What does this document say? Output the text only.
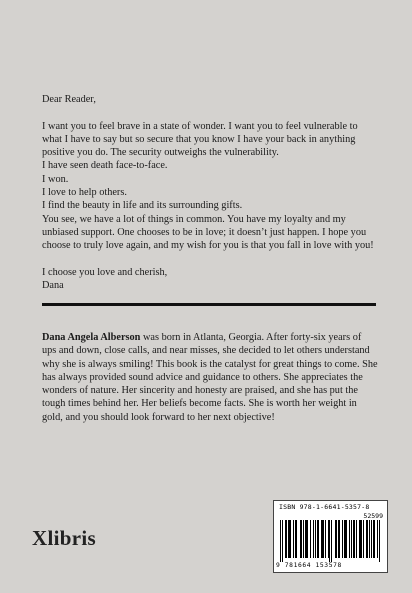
Dear Reader,

I want you to feel brave in a state of wonder. I want you to feel vulnerable to what I have to say but so secure that you know I have your back in anything positive you do. The security outweighs the vulnerability.

I have seen death face-to-face.

I won.

I love to help others.

I find the beauty in life and its surrounding gifts.

You see, we have a lot of things in common. You have my loyalty and my unbiased support. One chooses to be in love; it doesn’t just happen. I hope you choose to truly love again, and my wish for you is that you fall in love with you!

I choose you love and cherish,

Dana

Dana Angela Alberson was born in Atlanta, Georgia. After forty-six years of ups and down, close calls, and near misses, she decided to let others understand why she is always smiling! This book is the catalyst for great things to come. She has always provided sound advice and guidance to others. She appreciates the wonders of nature. Her sincerity and honesty are praised, and she has put the tough times behind her. Her beliefs become facts. She is worth her weight in gold, and you should look forward to her next objective!
Xlibris
ISBN 978-1-6641-5357-8
52599
9 781664 153578
